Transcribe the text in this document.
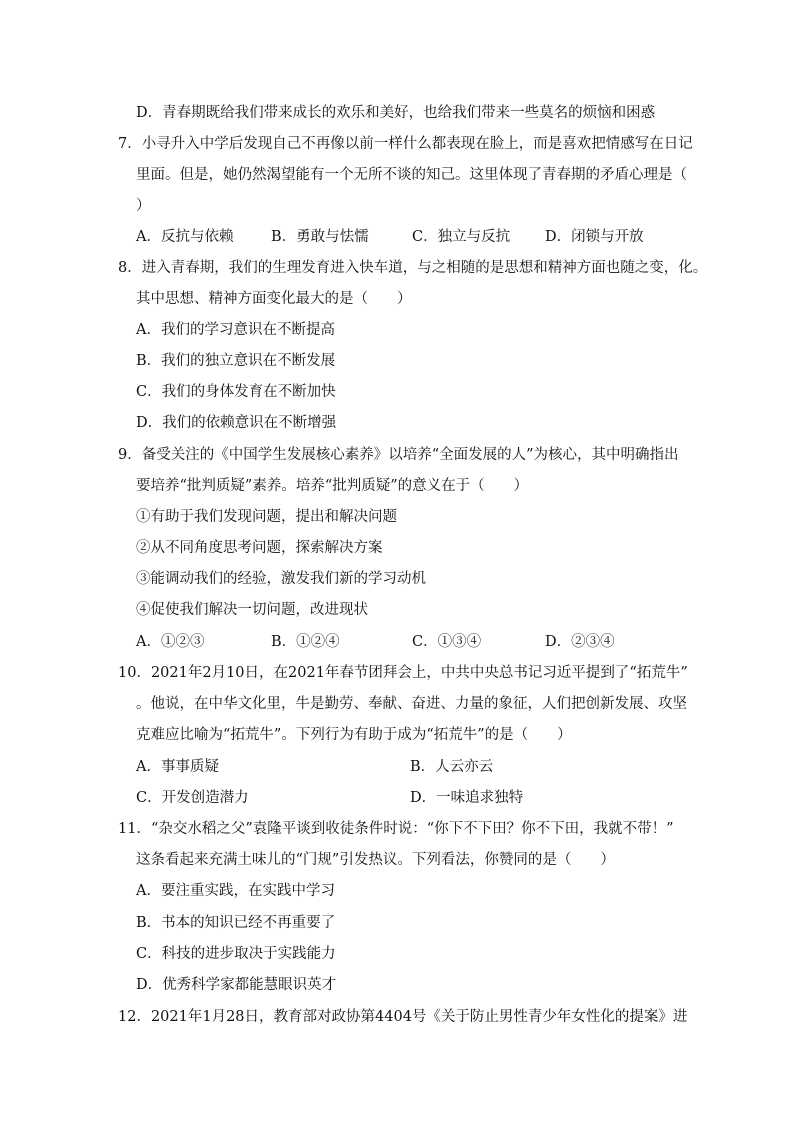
D．青春期既给我们带来成长的欢乐和美好，也给我们带来一些莫名的烦恼和困惑
7．小寻升入中学后发现自己不再像以前一样什么都表现在脸上，而是喜欢把情感写在日记
里面。但是，她仍然渴望能有一个无所不谈的知己。这里体现了青春期的矛盾心理是（
）
A．反抗与依赖	B．勇敢与怯懦	C．独立与反抗 D．闭锁与开放
8．进入青春期，我们的生理发育进入快车道，与之相随的是思想和精神方面也随之变，化。
其中思想、精神方面变化最大的是（　　）
A．我们的学习意识在不断提高
B．我们的独立意识在不断发展
C．我们的身体发育在不断加快
D．我们的依赖意识在不断增强
9．备受关注的《中国学生发展核心素养》以培养“全面发展的人”为核心，其中明确指出
要培养“批判质疑”素养。培养“批判质疑”的意义在于（　　）
①有助于我们发现问题，提出和解决问题
②从不同角度思考问题，探索解决方案
③能调动我们的经验，激发我们新的学习动机
④促使我们解决一切问题，改进现状
A．①②③	B．①②④	C．①③④	D．②③④
10．2021年2月10日，在2021年春节团拜会上，中共中央总书记习近平提到了“拓荒牛”
。他说，在中华文化里，牛是勤劳、奉献、奋进、力量的象征，人们把创新发展、攻坚
克难应比喻为“拓荒牛”。下列行为有助于成为“拓荒牛”的是（　　）
A．事事质疑	B．人云亦云
C．开发创造潜力	D．一味追求独特
11．“杂交水稻之父”袁隆平谈到收徒条件时说：“你下不下田？你不下田，我就不带！”
这条看起来充满土味儿的“门规”引发热议。下列看法，你赞同的是（　　）
A．要注重实践，在实践中学习
B．书本的知识已经不再重要了
C．科技的进步取决于实践能力
D．优秀科学家都能慧眼识英才
12．2021年1月28日，教育部对政协第4404号《关于防止男性青少年女性化的提案》进
